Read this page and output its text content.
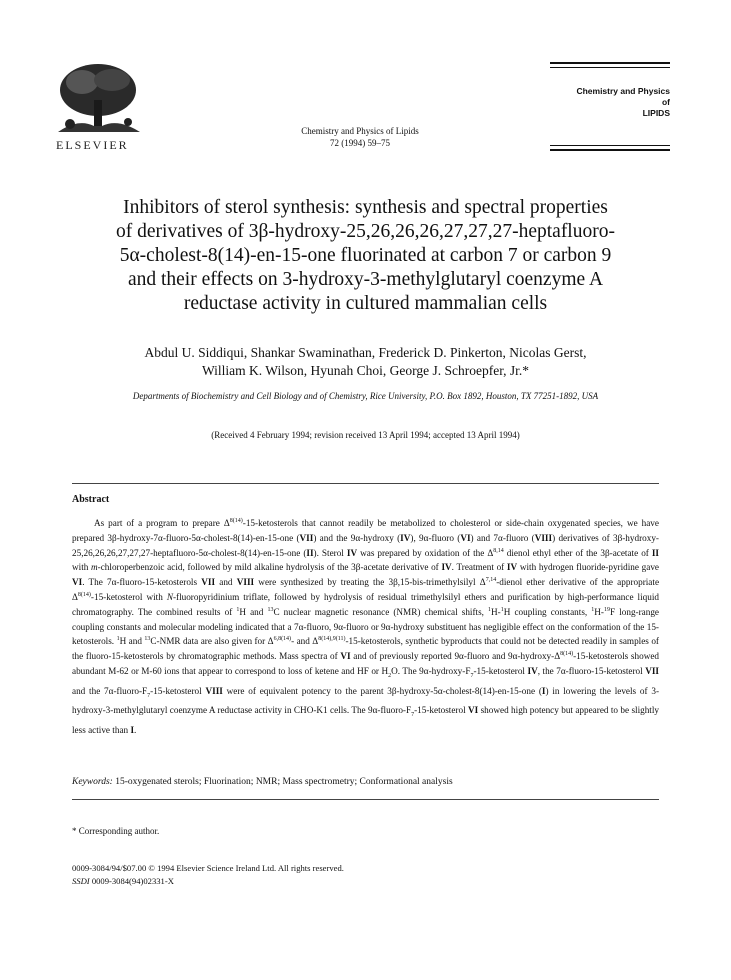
ELSEVIER
Chemistry and Physics of Lipids
72 (1994) 59–75
Chemistry and Physics
of
LIPIDS
Inhibitors of sterol synthesis: synthesis and spectral properties
of derivatives of 3β-hydroxy-25,26,26,26,27,27,27-heptafluoro-
5α-cholest-8(14)-en-15-one fluorinated at carbon 7 or carbon 9
and their effects on 3-hydroxy-3-methylglutaryl coenzyme A
reductase activity in cultured mammalian cells
Abdul U. Siddiqui, Shankar Swaminathan, Frederick D. Pinkerton, Nicolas Gerst,
William K. Wilson, Hyunah Choi, George J. Schroepfer, Jr.*
Departments of Biochemistry and Cell Biology and of Chemistry, Rice University, P.O. Box 1892, Houston, TX 77251-1892, USA
(Received 4 February 1994; revision received 13 April 1994; accepted 13 April 1994)
Abstract

As part of a program to prepare $\Delta^{8(14)}-15$-ketosterols that cannot readily be metabolized to cholesterol or side-chain oxygenated species, we have prepared 3β-hydroxy-7α-fluoro-5α-cholest-8(14)-en-15-one (VII) and the 9α-hydroxy (IV), 9α-fluoro (VI) and 7α-fluoro (VIII) derivatives of 3β-hydroxy-25,26,26,26,27,27,27-heptafluoro-5α-cholest-8(14)-en-15-one (II). Sterol IV was prepared by oxidation of the Δ$^{8,14}$ dienol ethyl ether of the 3β-acetate of II with m-chloroperbenzoic acid, followed by mild alkaline hydrolysis of the 3β-acetate derivative of IV. Treatment of IV with hydrogen fluoride-pyridine gave VI. The 7α-fluoro-15-ketosterols VII and VIII were synthesized by treating the 3β,15-bis-trimethylsilyl Δ$^{7,14}$-dienol ether derivative of the appropriate $\Delta^{8(14)}-15$-ketosterol with N-fluoropyridinium triflate, followed by hydrolysis of residual trimethylsilyl ethers and purification by high-performance liquid chromatography. The combined results of $^1$H and $^{13}$C nuclear magnetic resonance (NMR) chemical shifts, $^1$H-$^1$H coupling constants, $^1$H-$^{19}$F long-range coupling constants and molecular modeling indicated that a 7α-fluoro, 9α-fluoro or 9α-hydroxy substituent has negligible effect on the conformation of the 15-ketosterols. $^1$H and $^{13}$C-NMR data are also given for $\Delta^{6,8(14)}-$ and $\Delta^{8(14),9(11)}-15$-ketosterols, synthetic byproducts that could not be detected readily in samples of the fluoro-15-ketosterols by chromatographic methods. Mass spectra of VI and of previously reported 9α-fluoro and $9\alpha-hydroxy-\Delta^{8(14)}-15$-ketosterols showed abundant M-62 or M-60 ions that appear to correspond to loss of ketene and HF or $H_2O$. The $9\alpha-hydroxy-F_7-15$-ketosterol IV, the 7α-fluoro-15-ketosterol VII and the $7\alpha-fluoro-F_7-15$-ketosterol VIII were of equivalent potency to the parent 3β-hydroxy-5α-cholest-8(14)-en-15-one (I) in lowering the levels of 3-hydroxy-3-methylglutaryl coenzyme A reductase activity in CHO-K1 cells. The $9\alpha-fluoro-F_7-15$-ketosterol VI showed high potency but appeared to be slightly less active than I.

Keywords: 15-oxygenated sterols; Fluorination; NMR; Mass spectrometry; Conformational analysis
* Corresponding author.
0009-3084/94/$07.00 © 1994 Elsevier Science Ireland Ltd. All rights reserved.
SSDI 0009-3084(94)02331-X
